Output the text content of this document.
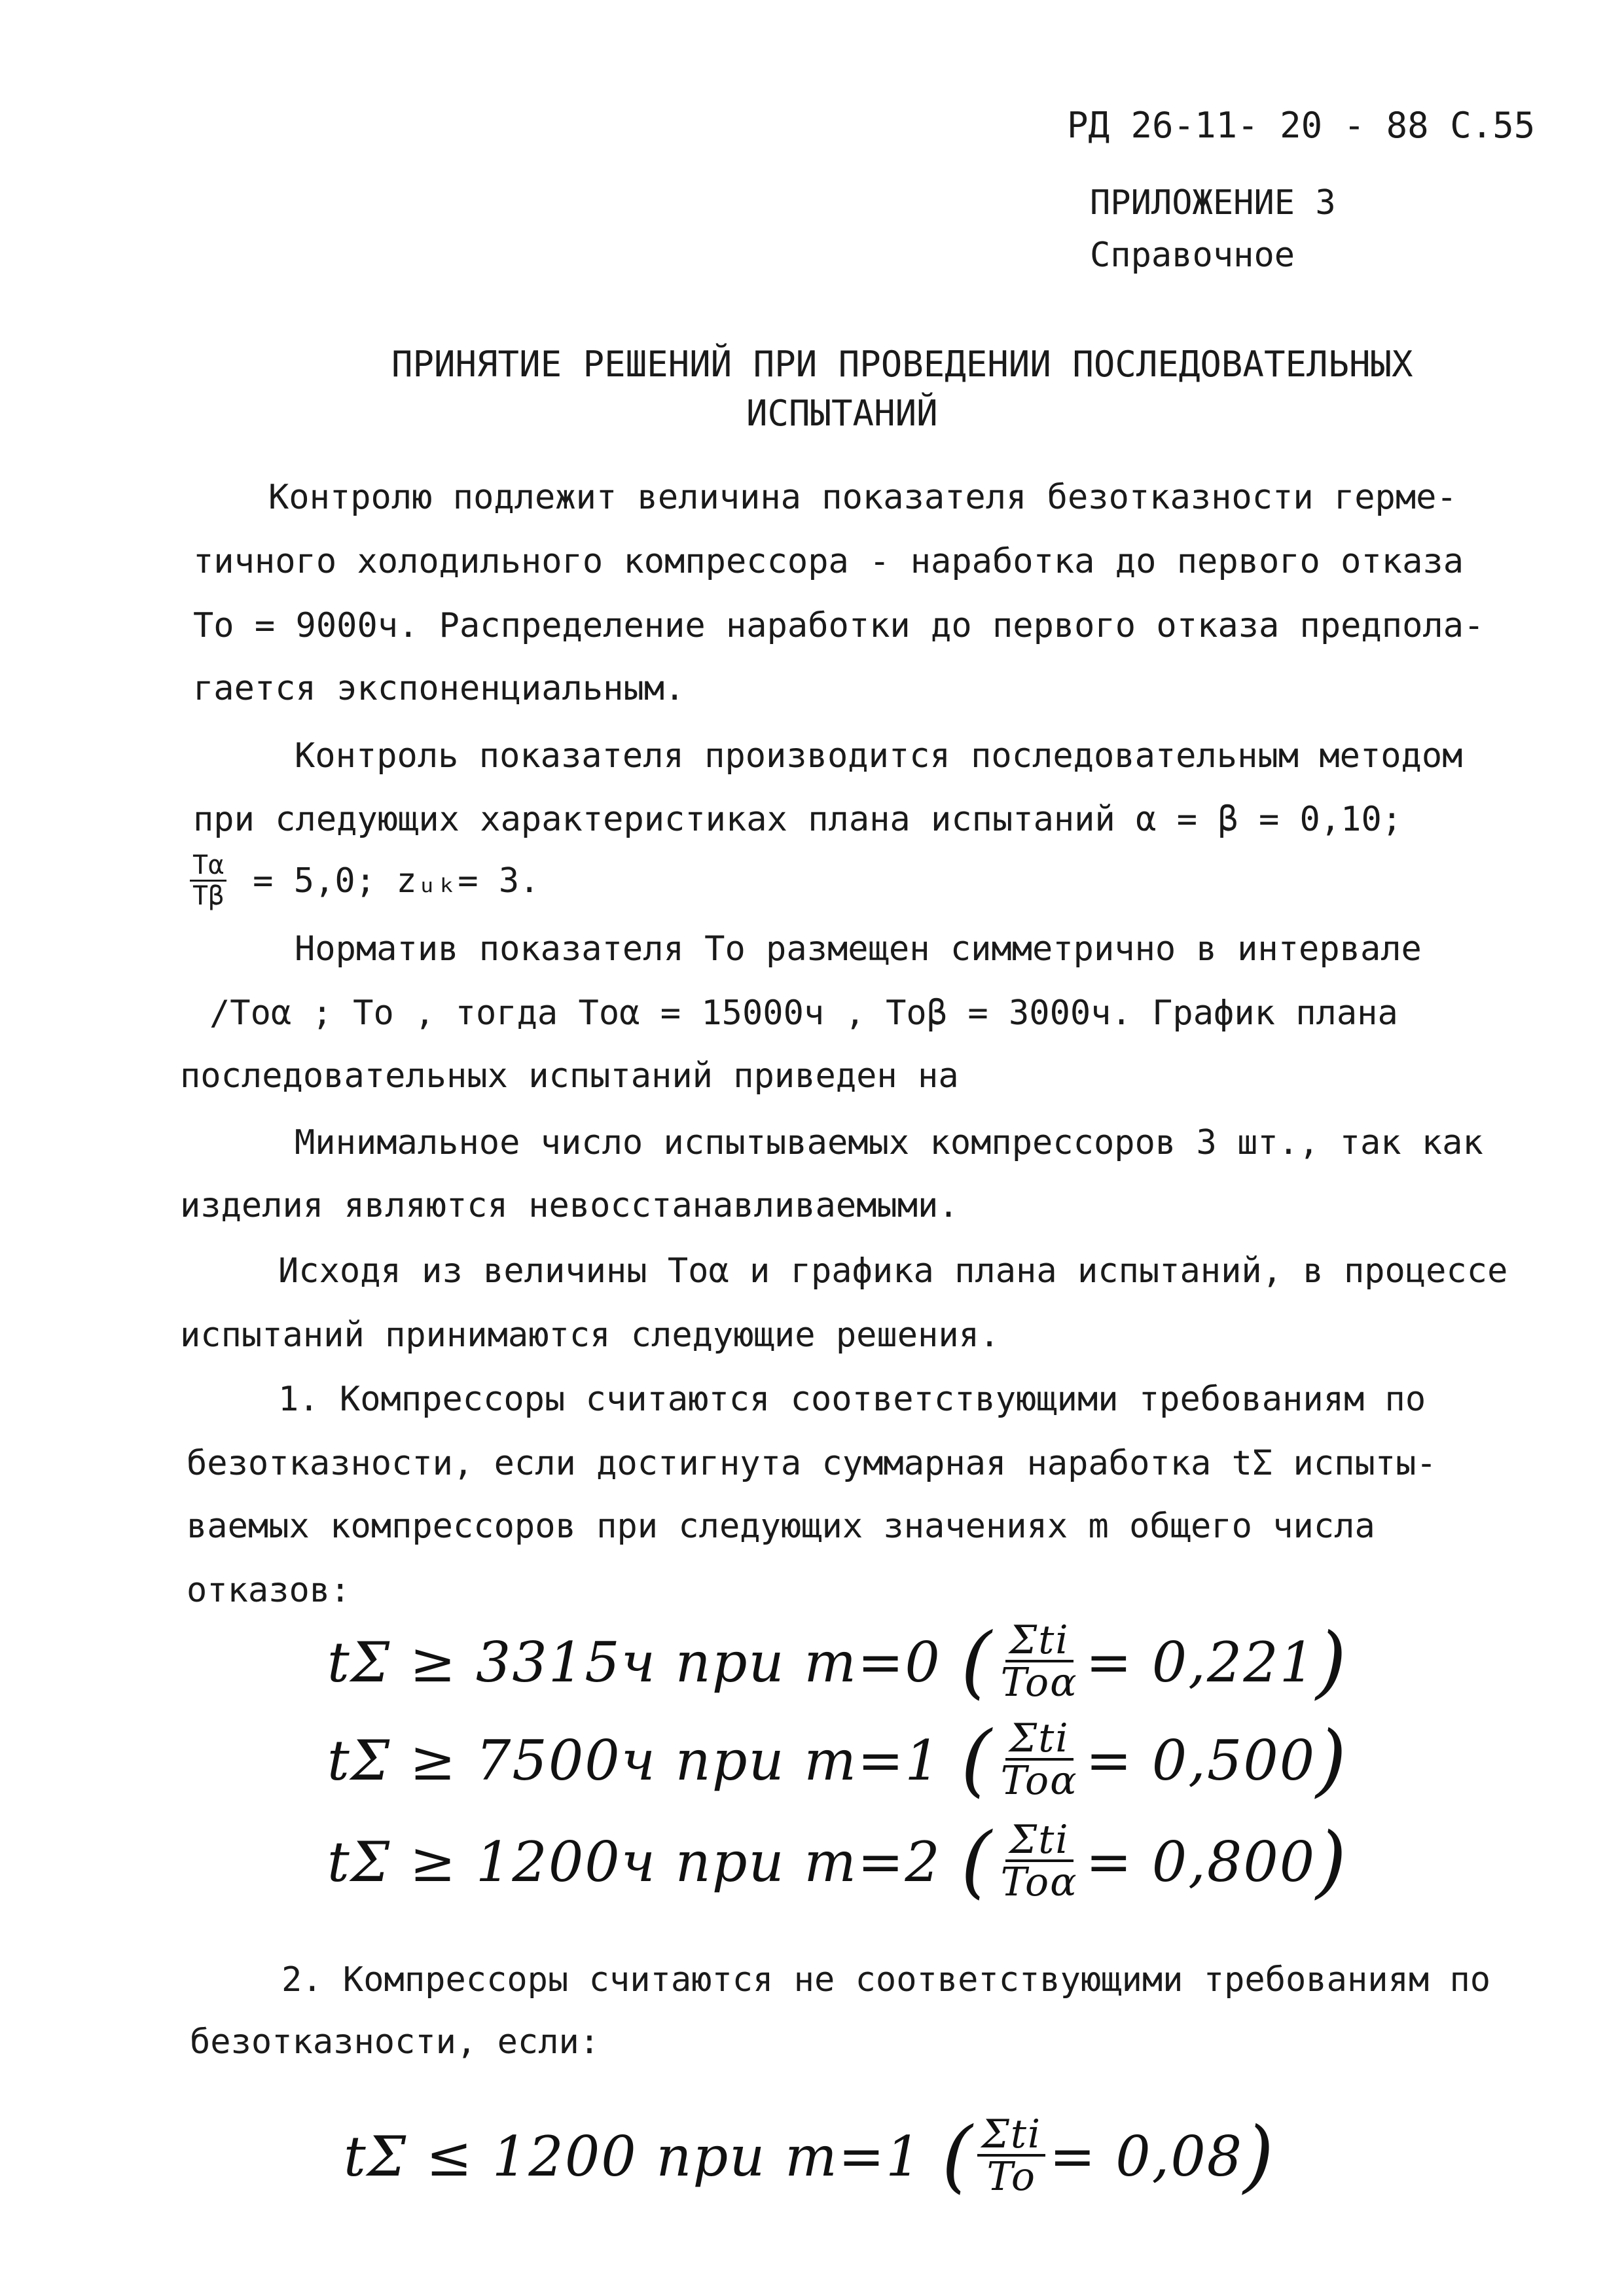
РД 26-11- 20 - 88 С.55
ПРИЛОЖЕНИЕ 3
Справочное
ПРИНЯТИЕ РЕШЕНИЙ ПРИ ПРОВЕДЕНИИ ПОСЛЕДОВАТЕЛЬНЫХ
ИСПЫТАНИЙ
Контролю подлежит величина показателя безотказности герме-
тичного холодильного компрессора - наработка до первого отказа
То = 9000ч. Распределение наработки до первого отказа предпола-
гается экспоненциальным.
Контроль показателя производится последовательным методом
при следующих характеристиках плана испытаний α = β = 0,10;
$\frac{T\alpha}{T\beta} = 5,0$; zᵤₖ= 3.
Норматив показателя То размещен симметрично в интервале
/Тоα ; То , тогда Тоα = 15000ч , Тоβ = 3000ч. График плана
последовательных испытаний приведен на
Минимальное число испытываемых компрессоров 3 шт., так как
изделия являются невосстанавливаемыми.
Исходя из величины Тоα и графика плана испытаний, в процессе
испытаний принимаются следующие решения.
1. Компрессоры считаются соответствующими требованиям по
безотказности, если достигнута суммарная наработка tΣ испыты-
ваемых компрессоров при следующих значениях m общего числа
отказов:
tΣ ≥ 3315ч при m=0 ( $\frac{\text{Σti}}{\text{Toα}} = 0,221$ )
tΣ ≥ 7500ч при m=1 ( $\frac{\text{Σti}}{\text{Toα}} = 0,500$ )
tΣ ≥ 1200ч при m=2 ( $\frac{\text{Σti}}{\text{Toα}} = 0,800$ )
2. Компрессоры считаются не соответствующими требованиям по
безотказности, если:
tΣ ≤ 1200 при m=1 ( $\frac{\text{Σti}}{To} = 0,08$ )
